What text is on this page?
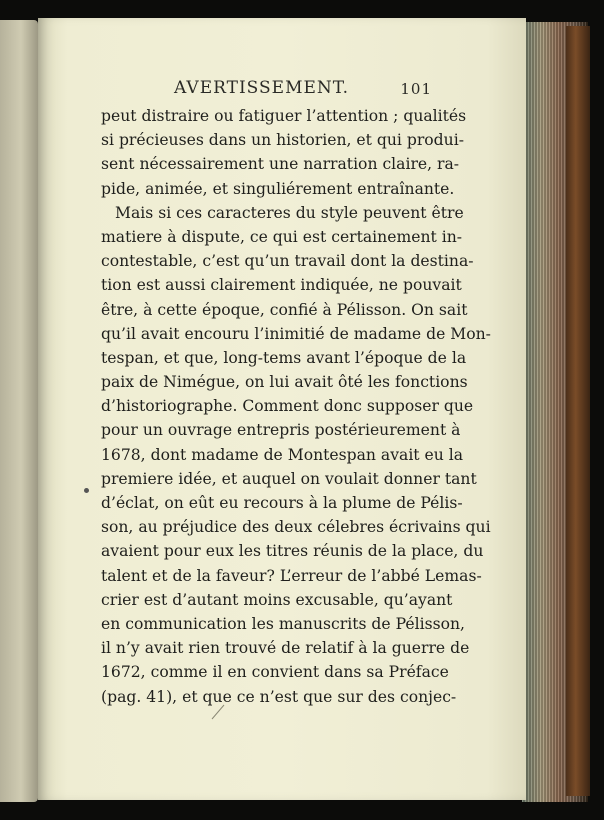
AVERTISSEMENT.	101
peut distraire ou fatiguer l’attention ; qualités
si précieuses dans un historien, et qui produi-
sent nécessairement une narration claire, ra-
pide, animée, et singuliérement entraînante.
Mais si ces caracteres du style peuvent être
matiere à dispute, ce qui est certainement in-
contestable, c’est qu’un travail dont la destina-
tion est aussi clairement indiquée, ne pouvait
être, à cette époque, confié à Pélisson. On sait
qu’il avait encouru l’inimitié de madame de Mon-
tespan, et que, long-tems avant l’époque de la
paix de Nimégue, on lui avait ôté les fonctions
d’historiographe. Comment donc supposer que
pour un ouvrage entrepris postérieurement à
1678, dont madame de Montespan avait eu la
premiere idée, et auquel on voulait donner tant
d’éclat, on eût eu recours à la plume de Pélis-
son, au préjudice des deux célebres écrivains qui
avaient pour eux les titres réunis de la place, du
talent et de la faveur? L’erreur de l’abbé Lemas-
crier est d’autant moins excusable, qu’ayant
en communication les manuscrits de Pélisson,
il n’y avait rien trouvé de relatif à la guerre de
1672, comme il en convient dans sa Préface
(pag. 41), et que ce n’est que sur des conjec-
